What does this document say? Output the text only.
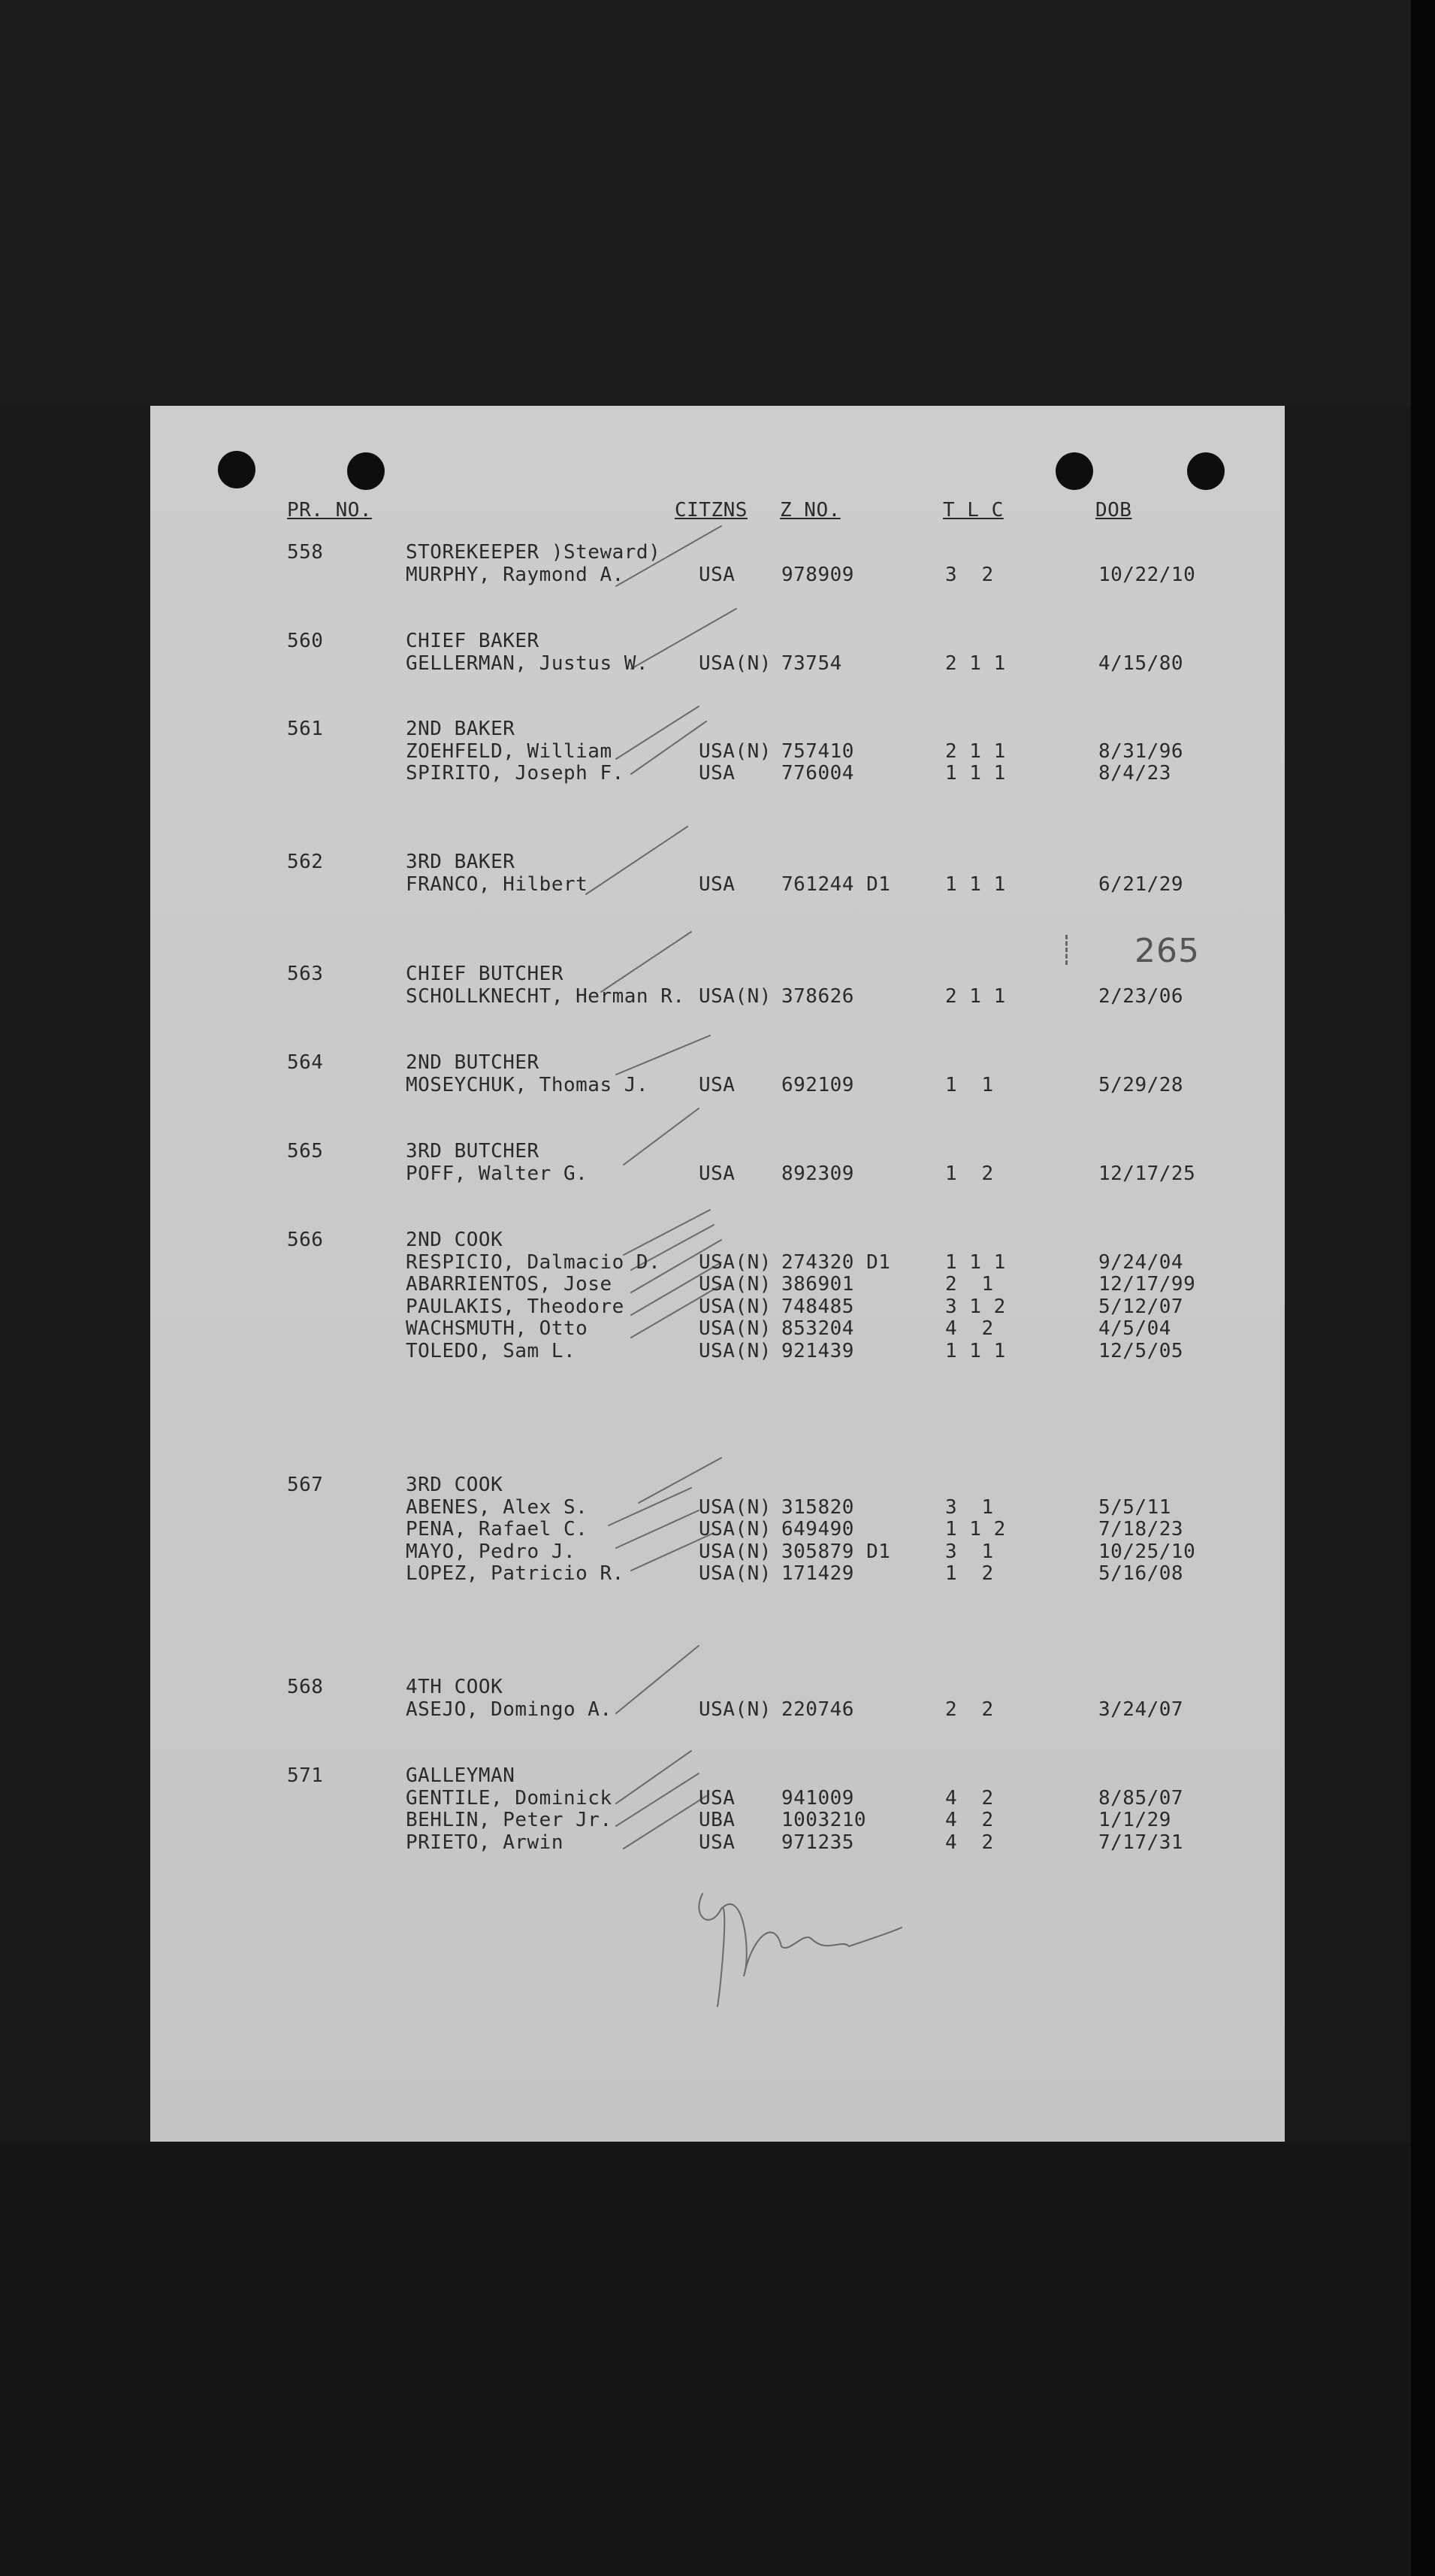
PR. NO.	CITZNS Z NO.	T L C	DOB
265
558	STOREKEEPER )Steward)
MURPHY, Raymond A.	USA 978909	3  2	10/22/10
560	CHIEF BAKER
GELLERMAN, Justus W.	USA(N) 73754	2 1 1	4/15/80
561	2ND BAKER
ZOEHFELD, William	USA(N) 757410	2 1 1	8/31/96
SPIRITO, Joseph F.	USA 776004	1 1 1	8/4/23
562	3RD BAKER
FRANCO, Hilbert	USA 761244 D1	1 1 1	6/21/29
563	CHIEF BUTCHER
SCHOLLKNECHT, Herman R. USA(N) 378626	2 1 1	2/23/06
564	2ND BUTCHER
MOSEYCHUK, Thomas J.	USA 692109	1  1	5/29/28
565	3RD BUTCHER
POFF, Walter G.	USA 892309	1  2	12/17/25
566	2ND COOK
RESPICIO, Dalmacio D. USA(N) 274320 D1	1 1 1	9/24/04
ABARRIENTOS, Jose	USA(N) 386901	2  1	12/17/99
PAULAKIS, Theodore	USA(N) 748485	3 1 2	5/12/07
WACHSMUTH, Otto	USA(N) 853204	4  2	4/5/04
TOLEDO, Sam L.	USA(N) 921439	1 1 1	12/5/05
567	3RD COOK
ABENES, Alex S.	USA(N) 315820	3  1	5/5/11
PENA, Rafael C.	USA(N) 649490	1 1 2	7/18/23
MAYO, Pedro J.	USA(N) 305879 D1	3  1	10/25/10
LOPEZ, Patricio R.	USA(N) 171429	1  2	5/16/08
568	4TH COOK
ASEJO, Domingo A.	USA(N) 220746	2  2	3/24/07
571	GALLEYMAN
GENTILE, Dominick	USA 941009	4  2	8/85/07
BEHLIN, Peter Jr.	UBA 1003210	4  2	1/1/29
PRIETO, Arwin	USA 971235	4  2	7/17/31
